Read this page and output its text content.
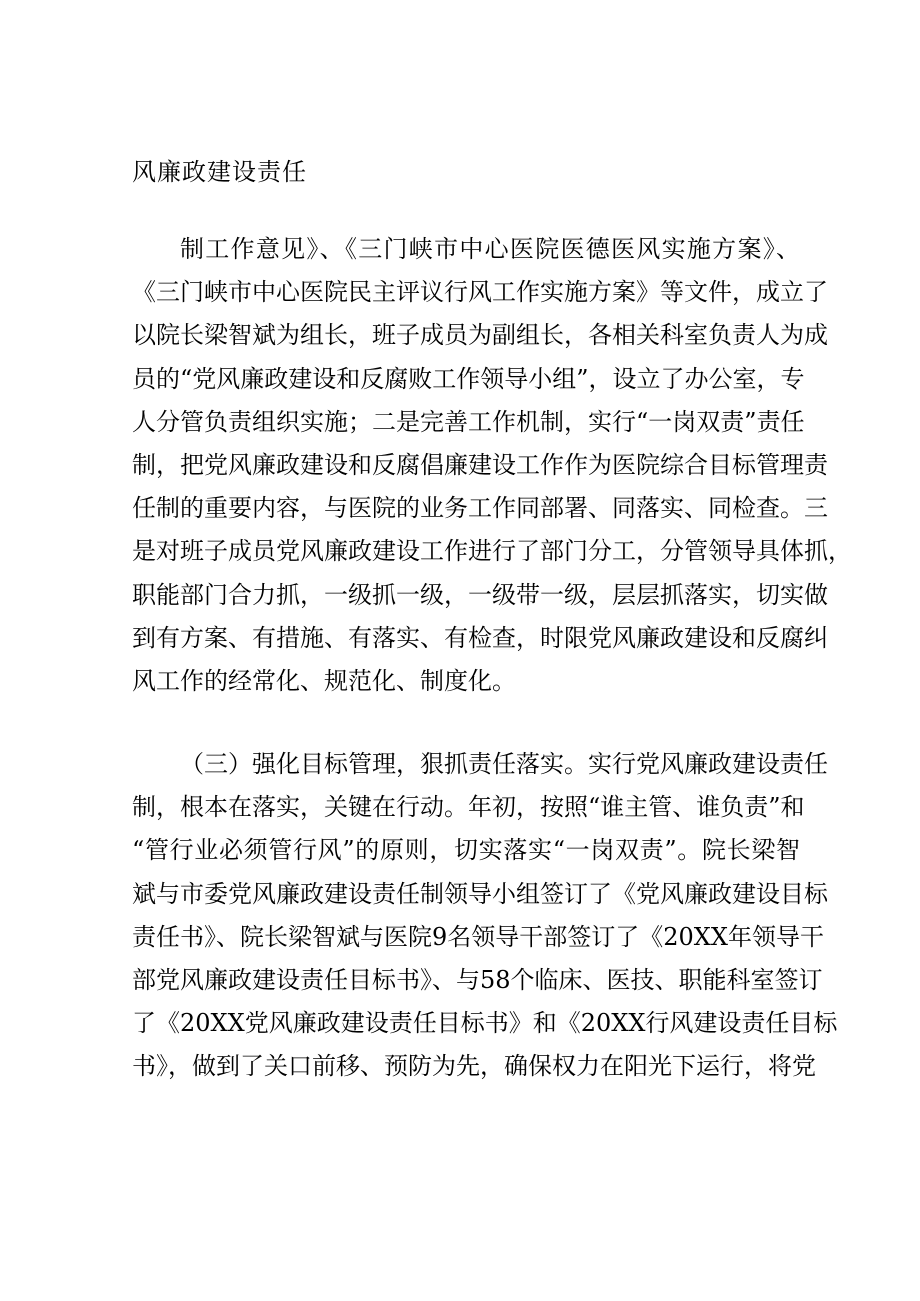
风廉政建设责任
制工作意见》、《三门峡市中心医院医德医风实施方案》、
《三门峡市中心医院民主评议行风工作实施方案》等文件，成立了
以院长梁智斌为组长，班子成员为副组长，各相关科室负责人为成
员的“党风廉政建设和反腐败工作领导小组”，设立了办公室，专
人分管负责组织实施；二是完善工作机制，实行“一岗双责”责任
制，把党风廉政建设和反腐倡廉建设工作作为医院综合目标管理责
任制的重要内容，与医院的业务工作同部署、同落实、同检查。三
是对班子成员党风廉政建设工作进行了部门分工，分管领导具体抓，
职能部门合力抓，一级抓一级，一级带一级，层层抓落实，切实做
到有方案、有措施、有落实、有检查，时限党风廉政建设和反腐纠
风工作的经常化、规范化、制度化。
（三）强化目标管理，狠抓责任落实。实行党风廉政建设责任
制，根本在落实，关键在行动。年初，按照“谁主管、谁负责”和
“管行业必须管行风”的原则，切实落实“一岗双责”。院长梁智
斌与市委党风廉政建设责任制领导小组签订了《党风廉政建设目标
责任书》、院长梁智斌与医院9名领导干部签订了《20XX年领导干
部党风廉政建设责任目标书》、与58个临床、医技、职能科室签订
了《20XX党风廉政建设责任目标书》和《20XX行风建设责任目标
书》，做到了关口前移、预防为先，确保权力在阳光下运行，将党
